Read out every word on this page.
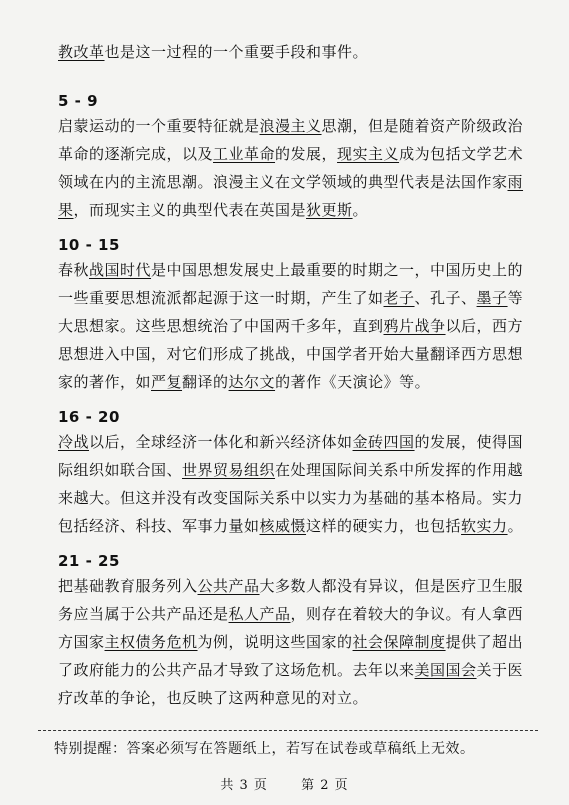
教改革也是这一过程的一个重要手段和事件。
5 - 9
启蒙运动的一个重要特征就是浪漫主义思潮，但是随着资产阶级政治革命的逐渐完成，以及工业革命的发展，现实主义成为包括文学艺术领域在内的主流思潮。浪漫主义在文学领域的典型代表是法国作家雨果，而现实主义的典型代表在英国是狄更斯。
10 - 15
春秋战国时代是中国思想发展史上最重要的时期之一，中国历史上的一些重要思想流派都起源于这一时期，产生了如老子、孔子、墨子等大思想家。这些思想统治了中国两千多年，直到鸦片战争以后，西方思想进入中国，对它们形成了挑战，中国学者开始大量翻译西方思想家的著作，如严复翻译的达尔文的著作《天演论》等。
16 - 20
冷战以后，全球经济一体化和新兴经济体如金砖四国的发展，使得国际组织如联合国、世界贸易组织在处理国际间关系中所发挥的作用越来越大。但这并没有改变国际关系中以实力为基础的基本格局。实力包括经济、科技、军事力量如核威慑这样的硬实力，也包括软实力。
21 - 25
把基础教育服务列入公共产品大多数人都没有异议，但是医疗卫生服务应当属于公共产品还是私人产品，则存在着较大的争议。有人拿西方国家主权债务危机为例，说明这些国家的社会保障制度提供了超出了政府能力的公共产品才导致了这场危机。去年以来美国国会关于医疗改革的争论，也反映了这两种意见的对立。
特别提醒：答案必须写在答题纸上，若写在试卷或草稿纸上无效。
共 3 页	第 2 页
